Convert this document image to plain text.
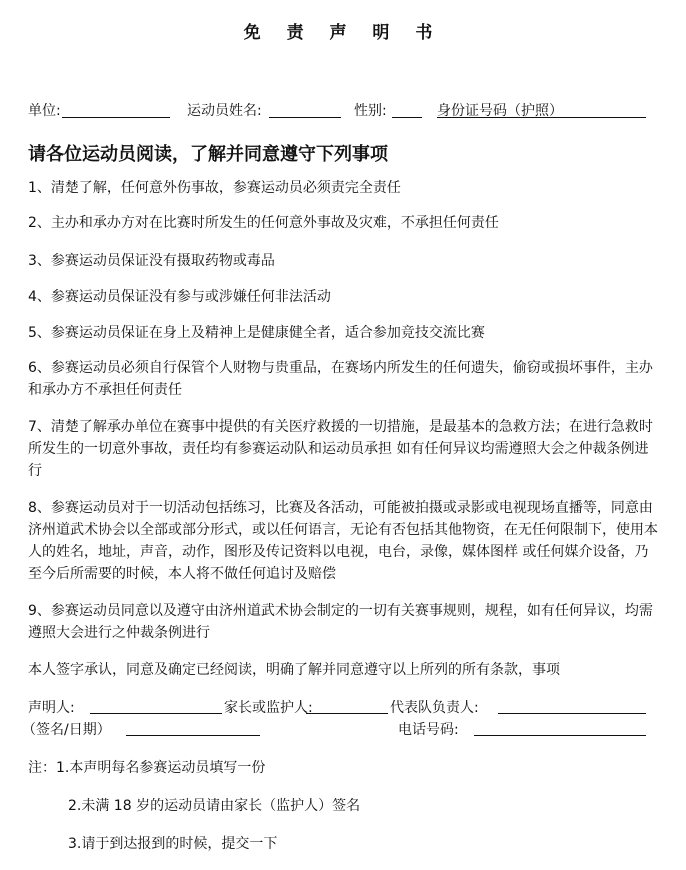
免 责 声 明 书
单位:	运动员姓名:	性别:	身份证号码（护照）
请各位运动员阅读，了解并同意遵守下列事项
1、清楚了解，任何意外伤事故，参赛运动员必须责完全责任
2、主办和承办方对在比赛时所发生的任何意外事故及灾难，不承担任何责任
3、参赛运动员保证没有摄取药物或毒品
4、参赛运动员保证没有参与或涉嫌任何非法活动
5、参赛运动员保证在身上及精神上是健康健全者，适合参加竞技交流比赛
6、参赛运动员必须自行保管个人财物与贵重品，在赛场内所发生的任何遗失，偷窃或损坏事件，主办和承办方不承担任何责任
7、清楚了解承办单位在赛事中提供的有关医疗救援的一切措施，是最基本的急救方法；在进行急救时所发生的一切意外事故，责任均有参赛运动队和运动员承担 如有任何异议均需遵照大会之仲裁条例进行
8、参赛运动员对于一切活动包括练习，比赛及各活动，可能被拍摄或录影或电视现场直播等，同意由济州道武术协会以全部或部分形式，或以任何语言，无论有否包括其他物资，在无任何限制下，使用本人的姓名，地址，声音，动作，图形及传记资料以电视，电台，录像，媒体图样 或任何媒介设备，乃至今后所需要的时候，本人将不做任何追讨及赔偿
9、参赛运动员同意以及遵守由济州道武术协会制定的一切有关赛事规则，规程，如有任何异议，均需遵照大会进行之仲裁条例进行
本人签字承认，同意及确定已经阅读，明确了解并同意遵守以上所列的所有条款，事项
声明人:	家长或监护人:	代表队负责人:
（签名/日期）	电话号码:
注：1.本声明每名参赛运动员填写一份
2.未满 18 岁的运动员请由家长（监护人）签名
3.请于到达报到的时候，提交一下
